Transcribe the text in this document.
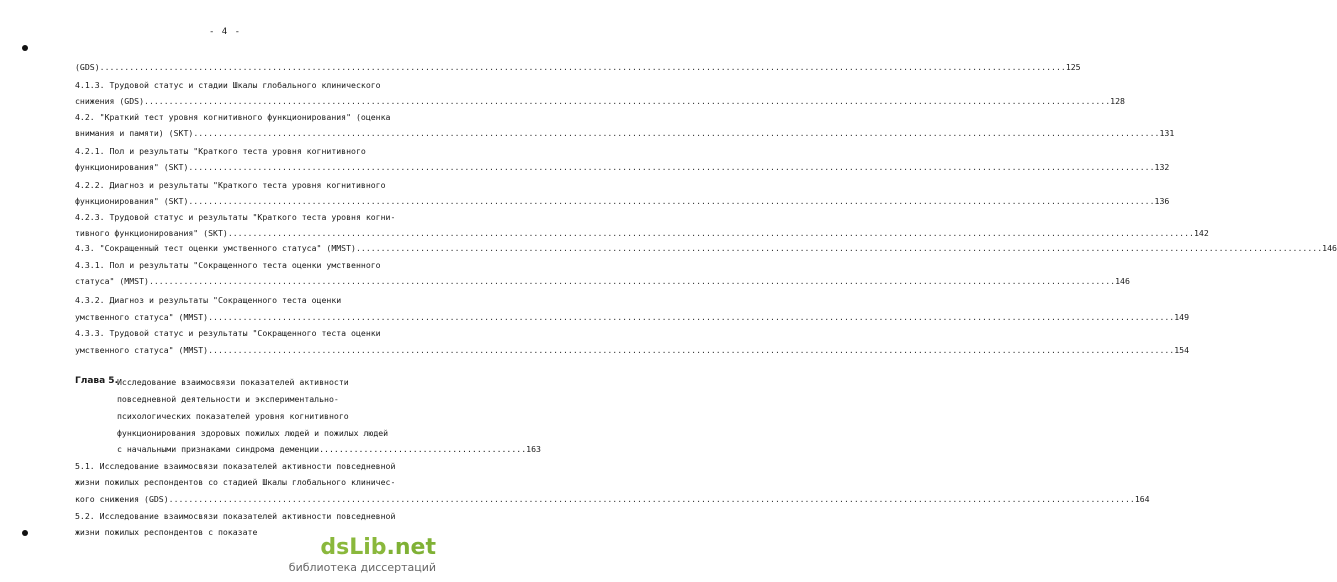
- 4 -
(GDS) .....	125
4.1.3. Трудовой статус и стадии Шкалы глобального клинического
снижения (GDS) .....	128
4.2. "Краткий тест уровня когнитивного функционирования" (оценка
внимания и памяти) (SKT) .....	131
4.2.1. Пол и результаты "Краткого теста уровня когнитивного
функционирования" (SKT) .....	132
4.2.2. Диагноз и результаты "Краткого теста уровня когнитивного
функционирования" (SKT) .....	136
4.2.3. Трудовой статус и результаты "Краткого теста уровня когни-
тивного функционирования" (SKT) .....	142
4.3. "Сокращенный тест оценки умственного статуса" (MMST) .....	146
4.3.1. Пол и результаты "Сокращенного теста оценки умственного
статуса" (MMST) .....	146
4.3.2. Диагноз и результаты "Сокращенного теста оценки
умственного статуса" (MMST) .....	149
4.3.3. Трудовой статус и результаты "Сокращенного теста оценки
умственного статуса" (MMST) .....	154
Глава 5. Исследование взаимосвязи показателей активности
повседневной деятельности и экспериментально-
психологических показателей уровня когнитивного
функционирования здоровых пожилых людей и пожилых людей
с начальными признаками синдрома деменции .......................................... 163
5.1. Исследование взаимосвязи показателей активности повседневной
жизни пожилых респондентов со стадией Шкалы глобального клиничес-
кого снижения (GDS) .....	164
5.2. Исследование взаимосвязи показателей активности повседневной
жизни пожилых респондентов с показате
dsLib.net
библиотека диссертаций
